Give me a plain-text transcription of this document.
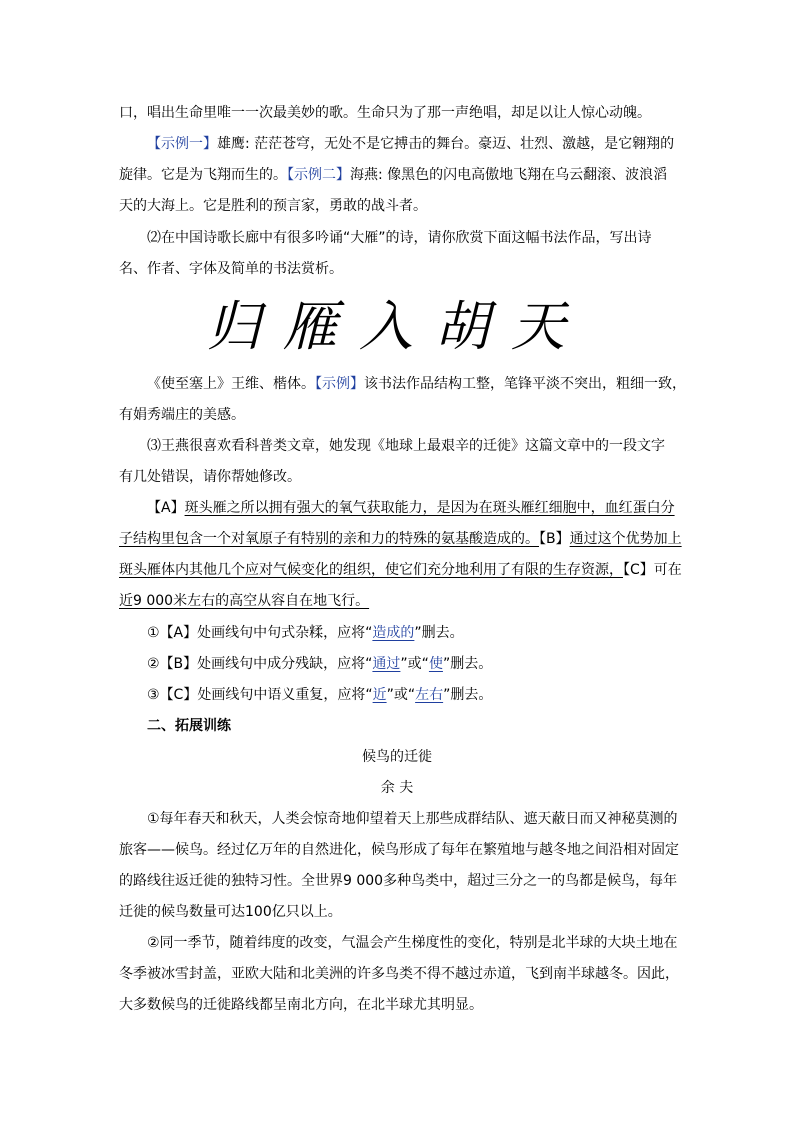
口，唱出生命里唯一一次最美妙的歌。生命只为了那一声绝唱，却足以让人惊心动魄。
【示例一】雄鹰: 茫茫苍穹，无处不是它搏击的舞台。豪迈、壮烈、激越，是它翱翔的
旋律。它是为飞翔而生的。【示例二】海燕: 像黑色的闪电高傲地飞翔在乌云翻滚、波浪滔
天的大海上。它是胜利的预言家，勇敢的战斗者。
⑵在中国诗歌长廊中有很多吟诵“大雁”的诗，请你欣赏下面这幅书法作品，写出诗
名、作者、字体及简单的书法赏析。
归雁入胡天
《使至塞上》王维、楷体。【示例】该书法作品结构工整，笔锋平淡不突出，粗细一致，
有娟秀端庄的美感。
⑶王燕很喜欢看科普类文章，她发现《地球上最艰辛的迁徙》这篇文章中的一段文字
有几处错误，请你帮她修改。
【A】斑头雁之所以拥有强大的氧气获取能力，是因为在斑头雁红细胞中，血红蛋白分
子结构里包含一个对氧原子有特别的亲和力的特殊的氨基酸造成的。【B】通过这个优势加上
斑头雁体内其他几个应对气候变化的组织，使它们充分地利用了有限的生存资源，【C】可在
近9 000米左右的高空从容自在地飞行。
①【A】处画线句中句式杂糅，应将“造成的”删去。
②【B】处画线句中成分残缺，应将“通过”或“使”删去。
③【C】处画线句中语义重复，应将“近”或“左右”删去。
二、拓展训练
候鸟的迁徙
余 夫
①每年春天和秋天，人类会惊奇地仰望着天上那些成群结队、遮天蔽日而又神秘莫测的
旅客——候鸟。经过亿万年的自然进化，候鸟形成了每年在繁殖地与越冬地之间沿相对固定
的路线往返迁徙的独特习性。全世界9 000多种鸟类中，超过三分之一的鸟都是候鸟，每年
迁徙的候鸟数量可达100亿只以上。
②同一季节，随着纬度的改变，气温会产生梯度性的变化，特别是北半球的大块土地在
冬季被冰雪封盖，亚欧大陆和北美洲的许多鸟类不得不越过赤道，飞到南半球越冬。因此，
大多数候鸟的迁徙路线都呈南北方向，在北半球尤其明显。
